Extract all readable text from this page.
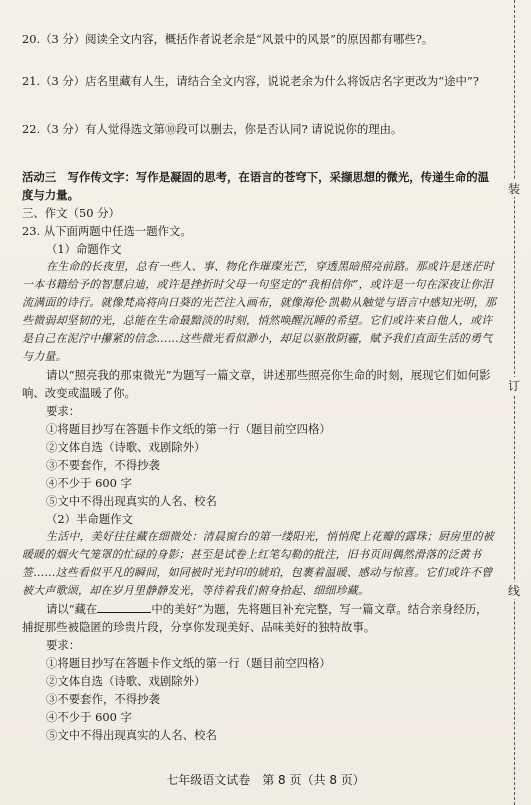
20.（3 分）阅读全文内容，概括作者说老余是“风景中的风景”的原因都有哪些?。

21.（3 分）店名里藏有人生，请结合全文内容，说说老余为什么将饭店名字更改为“途中”?

22.（3 分）有人觉得选文第⑩段可以删去，你是否认同? 请说说你的理由。

活动三　写作传文字：写作是凝固的思考，在语言的苍穹下，采撷思想的微光，传递生命的温度与力量。

三、作文（50 分）

23. 从下面两题中任选一题作文。

（1）命题作文

在生命的长夜里，总有一些人、事、物化作璀璨光芒，穿透黑暗照亮前路。那或许是迷茫时一本书籍给予的智慧启迪，或许是挫折时父母一句坚定的“我相信你”，或许是一句在深夜让你泪流满面的诗行。就像梵高将向日葵的光芒注入画布，就像海伦·凯勒从触觉与语言中感知光明，那些微弱却坚韧的光，总能在生命最黯淡的时刻，悄然唤醒沉睡的希望。它们或许来自他人，或许是自己在泥泞中攥紧的信念……这些微光看似渺小，却足以驱散阴霾，赋予我们直面生活的勇气与力量。

请以“照亮我的那束微光”为题写一篇文章，讲述那些照亮你生命的时刻，展现它们如何影响、改变或温暖了你。

要求：

①将题目抄写在答题卡作文纸的第一行（题目前空四格）
②文体自选（诗歌、戏剧除外）
③不要套作，不得抄袭
④不少于 600 字
⑤文中不得出现真实的人名、校名

（2）半命题作文

生活中，美好往往藏在细微处：清晨窗台的第一缕阳光，悄悄爬上花瓣的露珠；厨房里的被暖暖的烟火气笼罩的忙碌的身影；甚至是试卷上红笔勾勒的批注，旧书页间偶然滑落的泛黄书签……这些看似平凡的瞬间，如同被时光封印的琥珀，包裹着温暖、感动与惊喜。它们或许不曾被大声歌颂，却在岁月里静静发光，等待着我们俯身拾起、细细珍藏。

请以“藏在	中的美好”为题，先将题目补充完整，写一篇文章。结合亲身经历，捕捉那些被隐匿的珍贵片段，分享你发现美好、品味美好的独特故事。

要求：

①将题目抄写在答题卡作文纸的第一行（题目前空四格）
②文体自选（诗歌、戏剧除外）
③不要套作，不得抄袭
④不少于 600 字
⑤文中不得出现真实的人名、校名
装
订
线
七年级语文试卷　第 8 页（共 8 页）
